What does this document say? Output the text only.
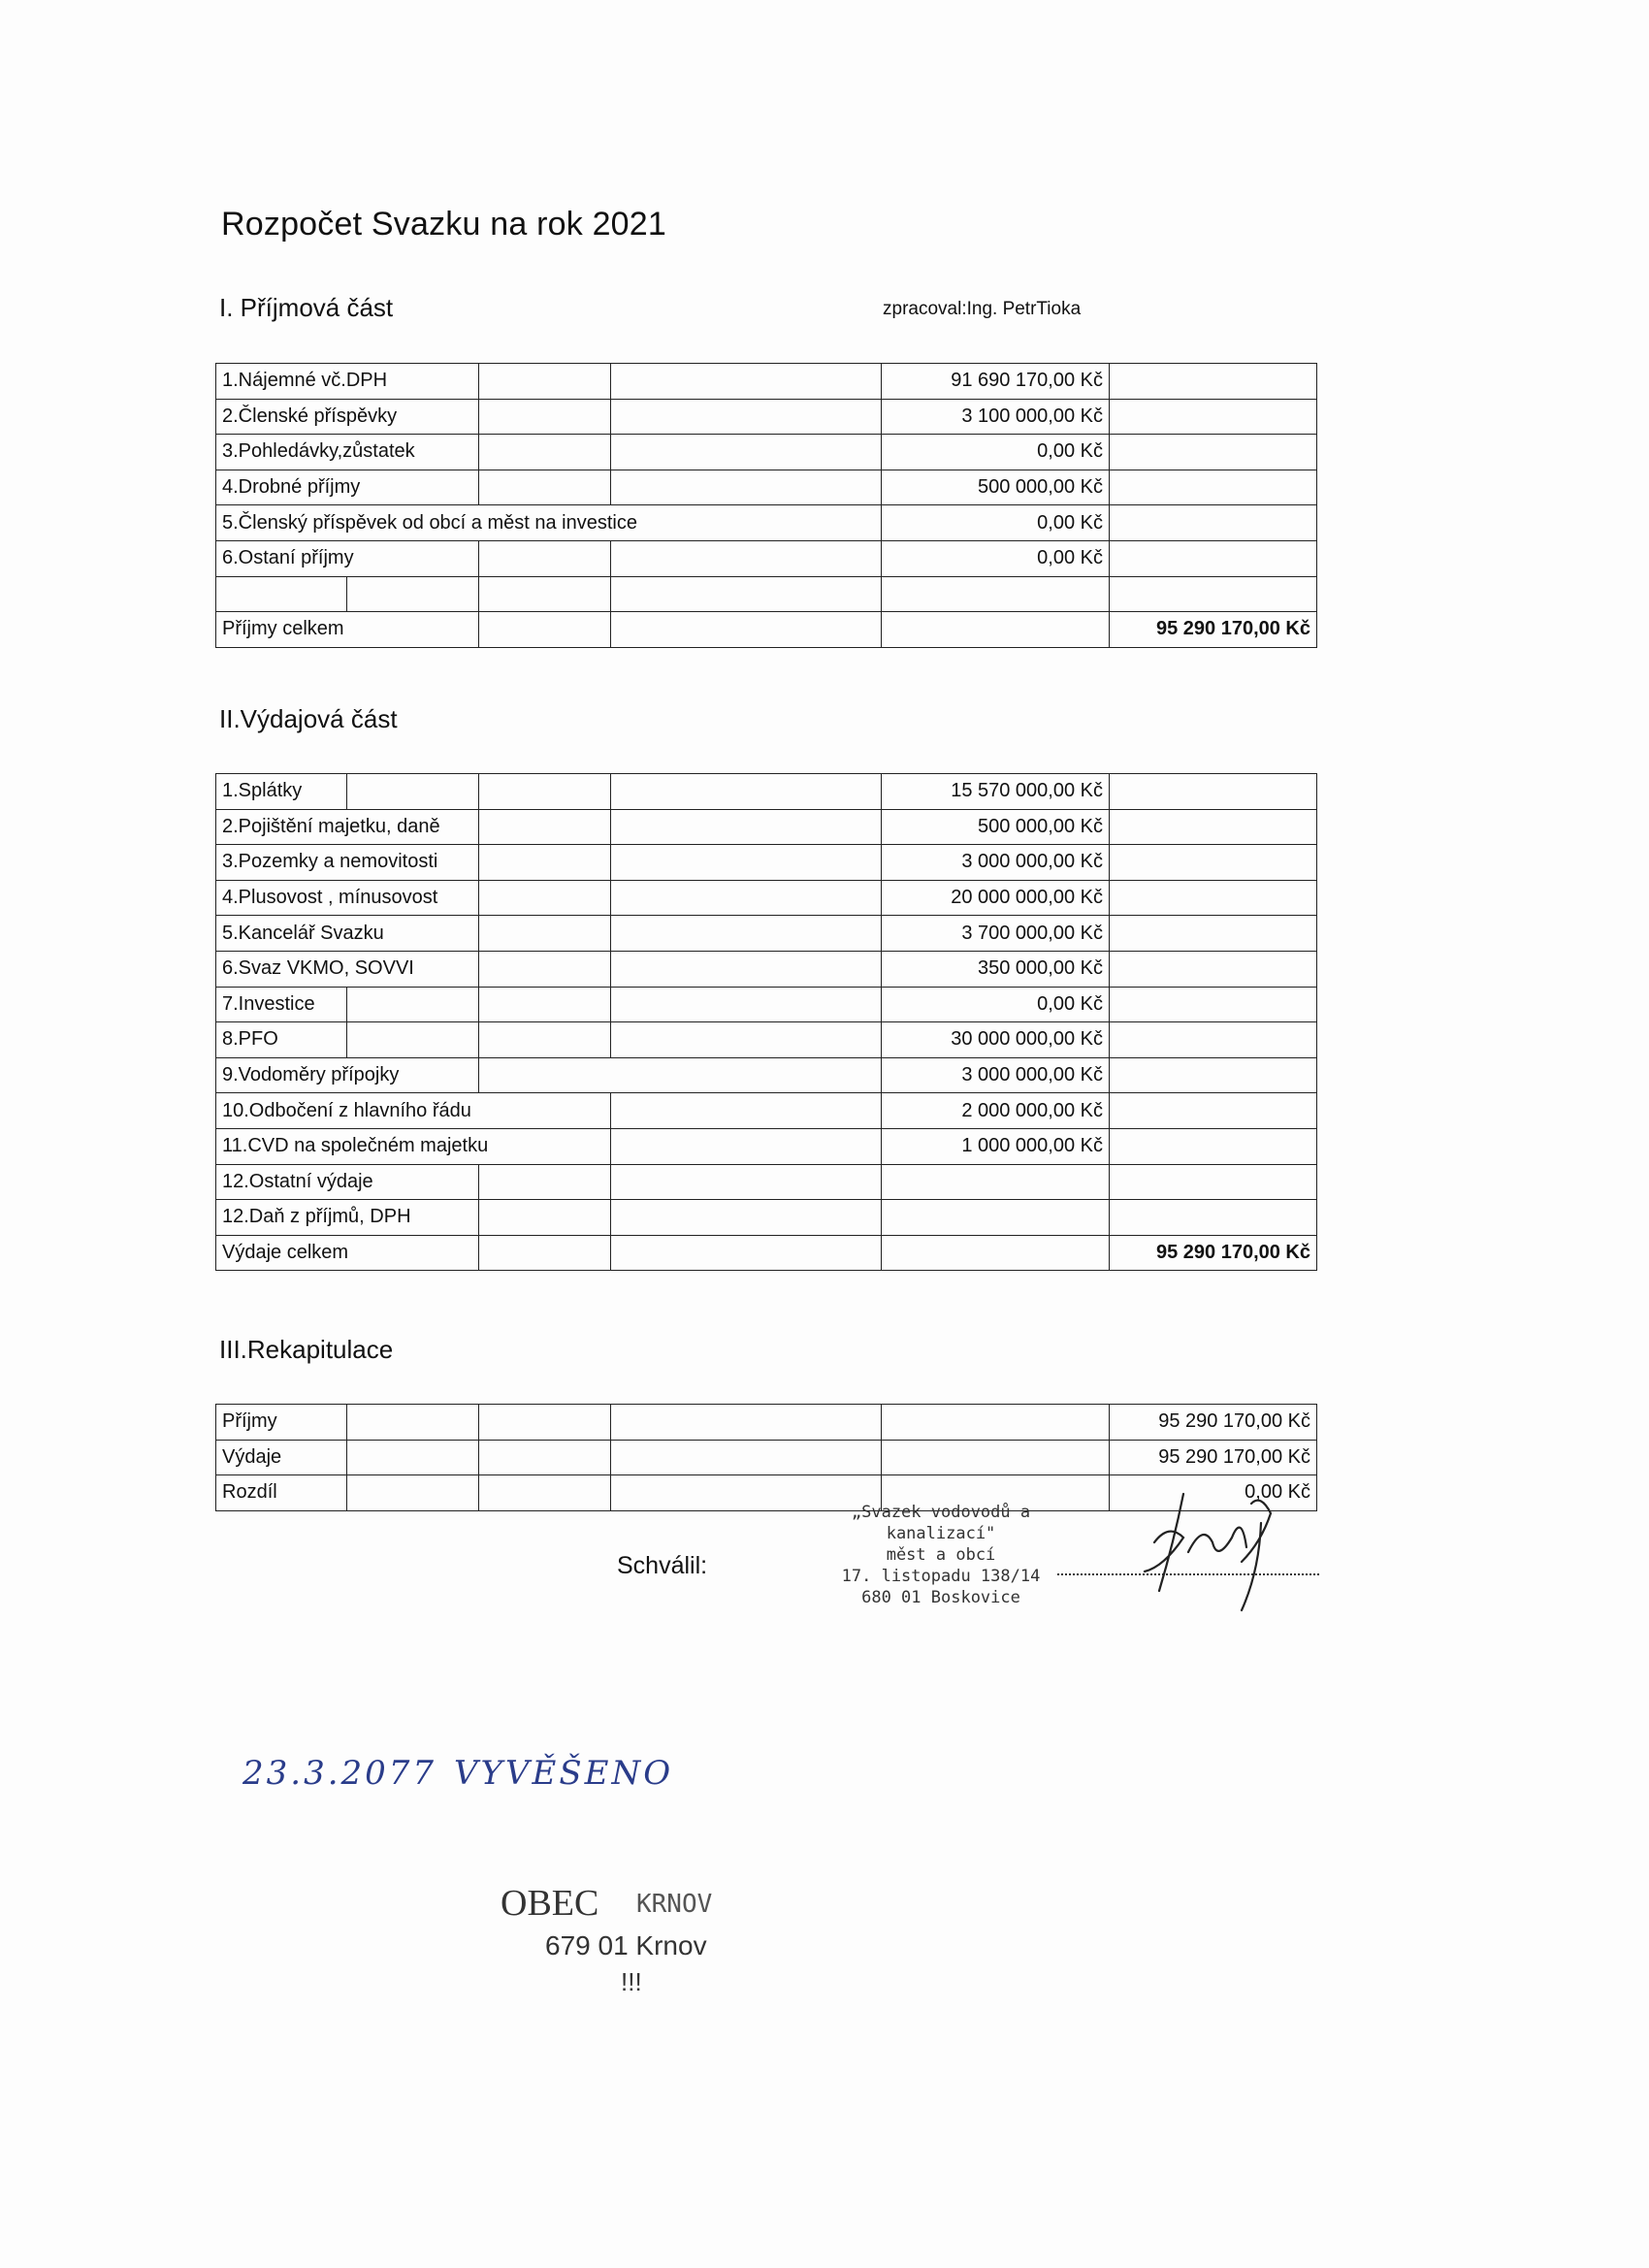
Rozpočet Svazku na rok 2021
I. Příjmová část	zpracoval:Ing. PetrTioka
1.Nájemné vč.DPH				91 690 170,00 Kč	
2.Členské příspěvky				3 100 000,00 Kč	
3.Pohledávky,zůstatek				0,00 Kč	
4.Drobné příjmy				500 000,00 Kč	
5.Členský příspěvek od obcí a měst na investice				0,00 Kč	
6.Ostaní příjmy				0,00 Kč	

Příjmy celkem					95 290 170,00 Kč
II.Výdajová část
1.Splátky				15 570 000,00 Kč	
2.Pojištění majetku, daně				500 000,00 Kč	
3.Pozemky a nemovitosti				3 000 000,00 Kč	
4.Plusovost , mínusovost				20 000 000,00 Kč	
5.Kancelář Svazku				3 700 000,00 Kč	
6.Svaz VKMO, SOVVI				350 000,00 Kč	
7.Investice				0,00 Kč	
8.PFO				30 000 000,00 Kč	
9.Vodoměry přípojky				3 000 000,00 Kč	
10.Odbočení z hlavního řádu				2 000 000,00 Kč	
11.CVD na společném majetku				1 000 000,00 Kč	
12.Ostatní výdaje					
12.Daň z příjmů, DPH					
Výdaje celkem					95 290 170,00 Kč
III.Rekapitulace
Příjmy					95 290 170,00 Kč
Výdaje					95 290 170,00 Kč
Rozdíl					0,00 Kč
Schválil:
„Svazek vodovodů a kanalizací"
měst a obcí
17. listopadu 138/14
680 01 Boskovice
23.3.2077 VYVĚŠENO
OBEC KRNOV
679 01 Krnov
!!!
